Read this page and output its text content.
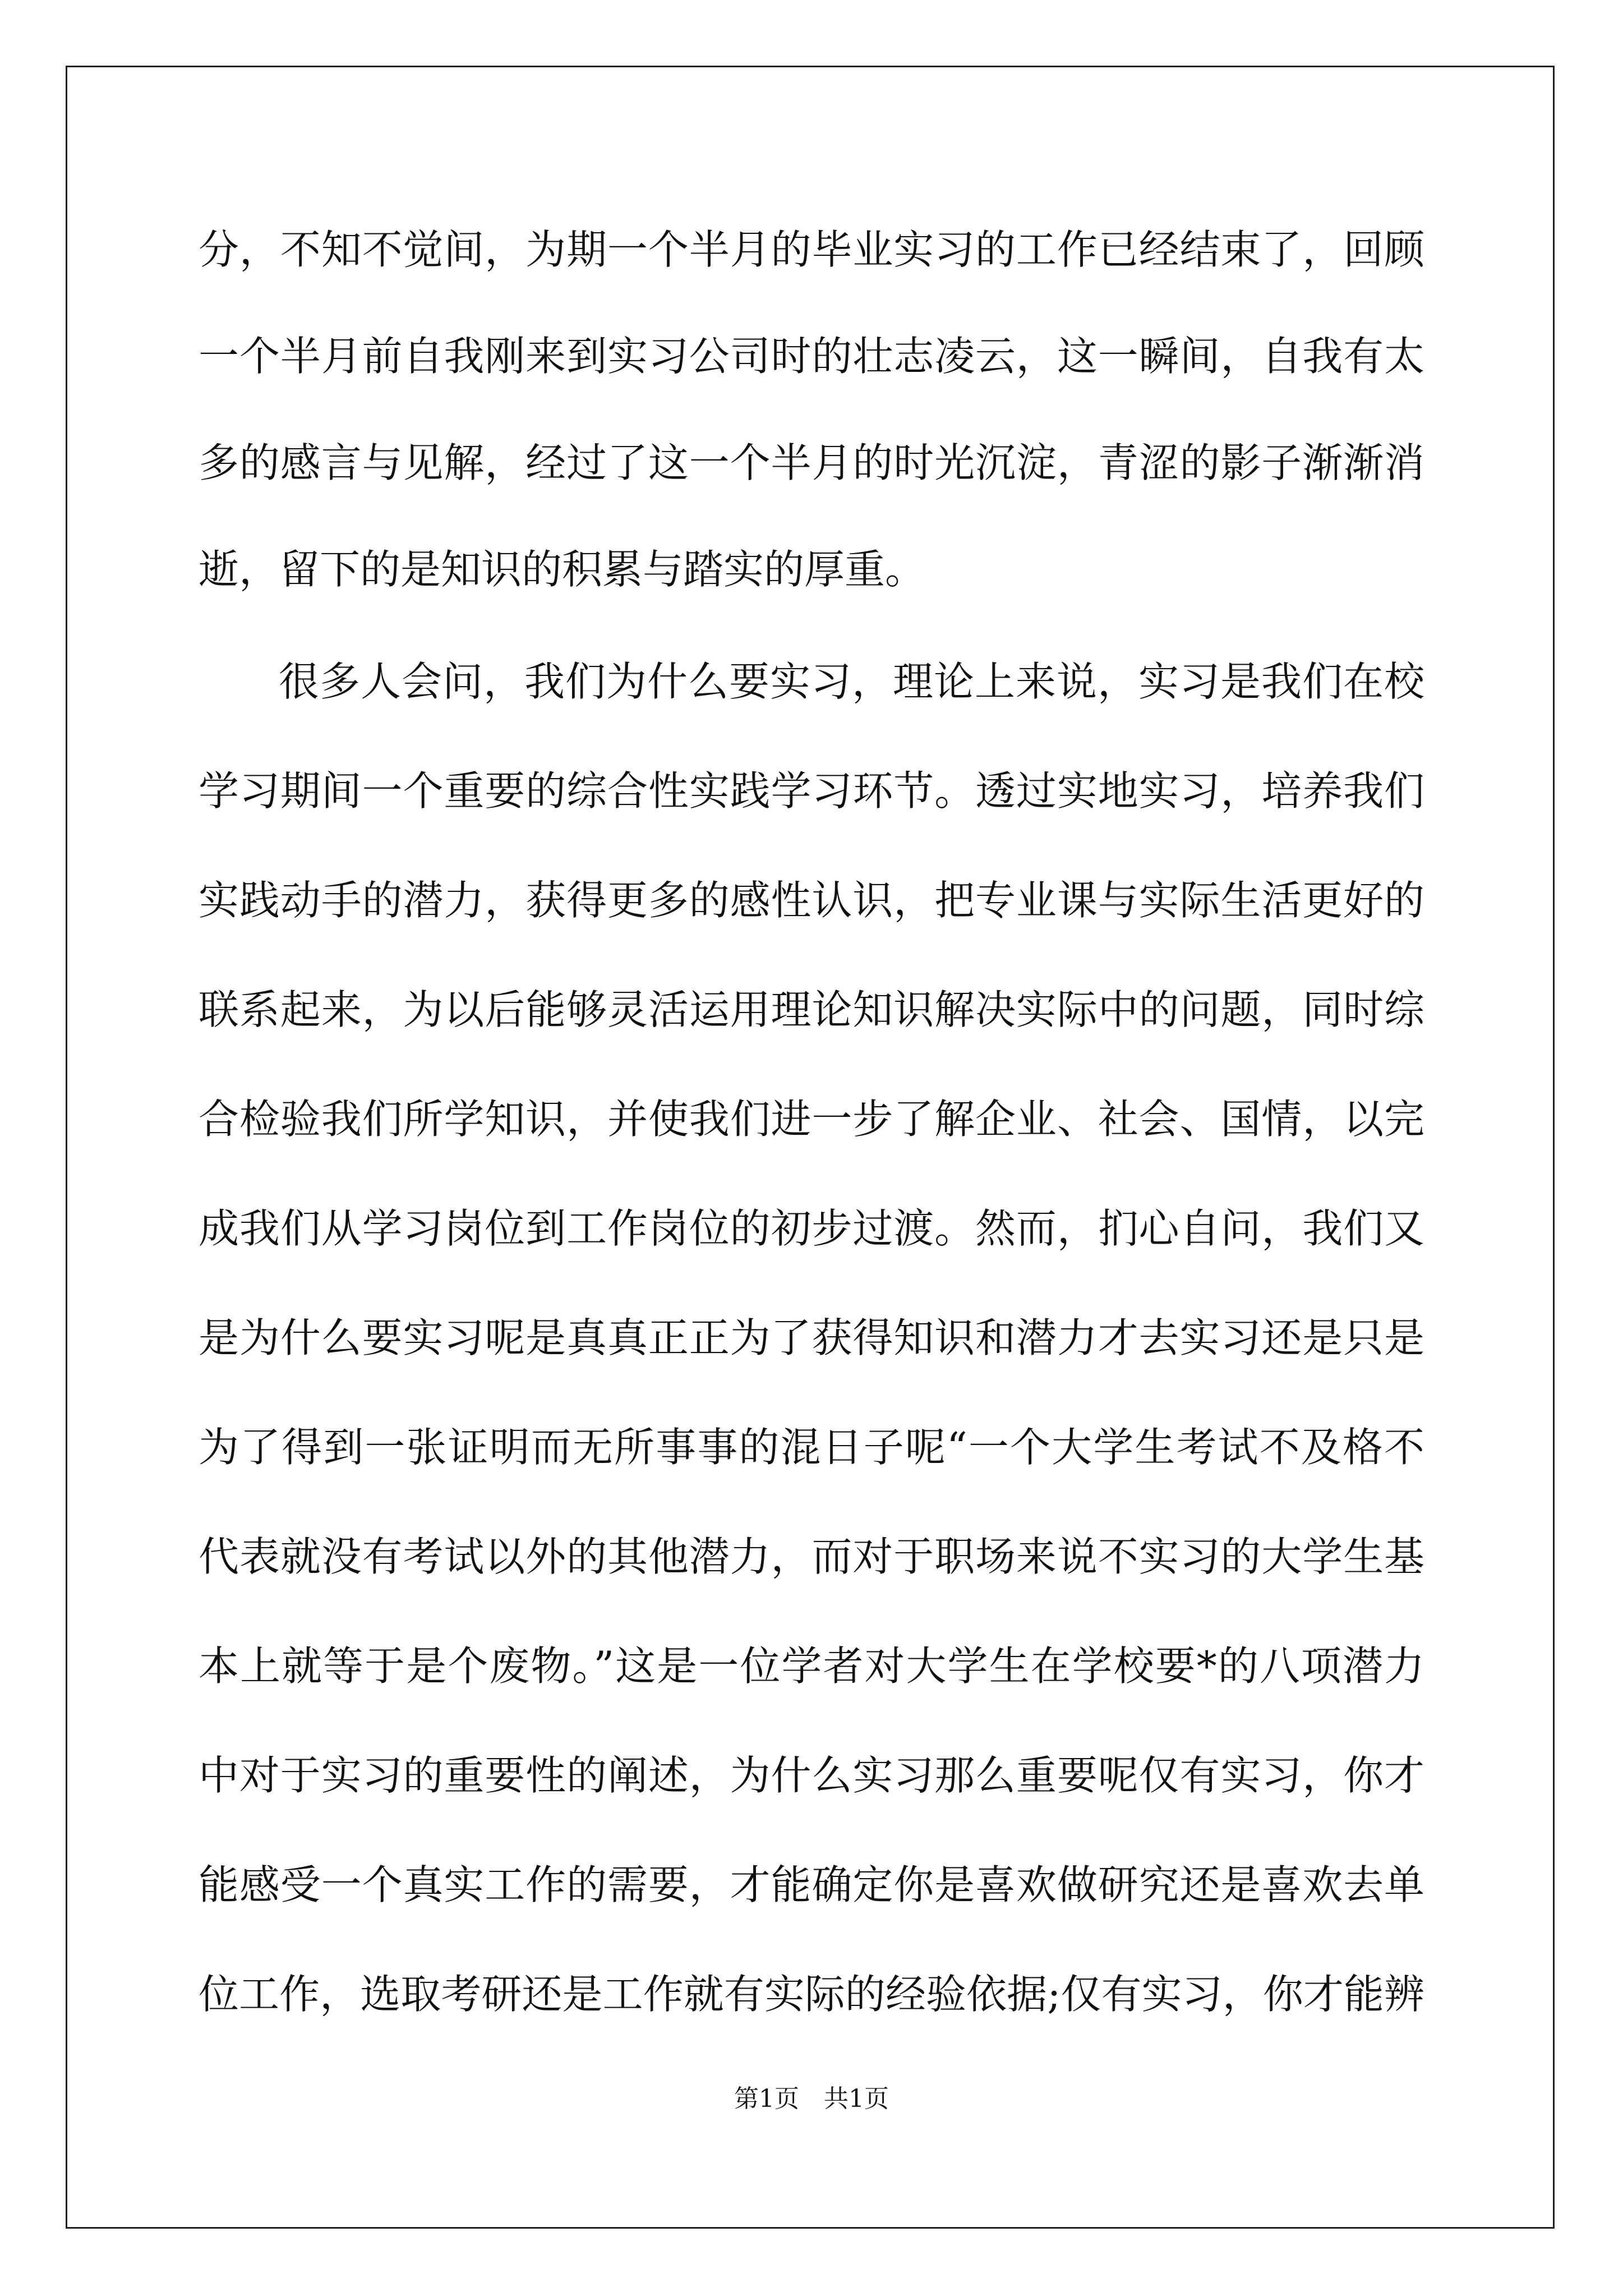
分，不知不觉间，为期一个半月的毕业实习的工作已经结束了，回顾
一个半月前自我刚来到实习公司时的壮志凌云，这一瞬间，自我有太
多的感言与见解，经过了这一个半月的时光沉淀，青涩的影子渐渐消
逝，留下的是知识的积累与踏实的厚重。
很多人会问，我们为什么要实习，理论上来说，实习是我们在校
学习期间一个重要的综合性实践学习环节。透过实地实习，培养我们
实践动手的潜力，获得更多的感性认识，把专业课与实际生活更好的
联系起来，为以后能够灵活运用理论知识解决实际中的问题，同时综
合检验我们所学知识，并使我们进一步了解企业、社会、国情，以完
成我们从学习岗位到工作岗位的初步过渡。然而，扪心自问，我们又
是为什么要实习呢是真真正正为了获得知识和潜力才去实习还是只是
为了得到一张证明而无所事事的混日子呢“一个大学生考试不及格不
代表就没有考试以外的其他潜力，而对于职场来说不实习的大学生基
本上就等于是个废物。”这是一位学者对大学生在学校要*的八项潜力
中对于实习的重要性的阐述，为什么实习那么重要呢仅有实习，你才
能感受一个真实工作的需要，才能确定你是喜欢做研究还是喜欢去单
位工作，选取考研还是工作就有实际的经验依据;仅有实习，你才能辨
第1页　共1页
